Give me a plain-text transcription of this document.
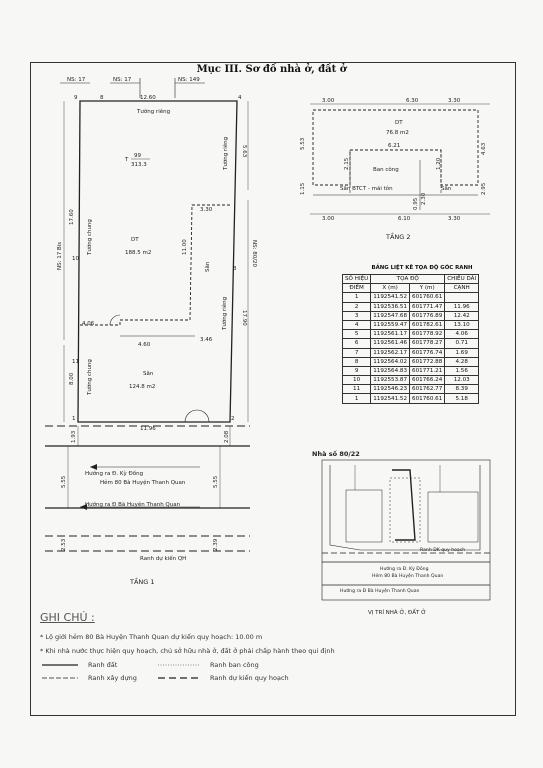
Mục III. Sơ đồ nhà ở, đất ở
NS: 17	NS: 17	NS: 149
12.60
9	8	4
Tường riêng
T
99
313.3
DT
188.5 m2
Sân
124.8 m2
4.06
4.60
3.46
3.30
11.96
1	2
3
10
11
Hướng ra Đ. Kỳ Đồng
Hẻm 80 Bà Huyện Thanh Quan
Hướng ra Đ Bà Huyện Thanh Quan
Ranh dự kiến QH
TẦNG 1
NS: 17 Bis	NS: 80/20
17.60
8.00
5.63
17.90
11.00
Tường chung
Tường chung
Tường riêng
Tường riêng
Sân
1.93	2.08
5.55	5.55
2.53	2.39
3.00	6.30	3.30
DT
76.8 m2
6.21
Ban công
Sân BTCT - mái tôn	Sân
3.00	6.10	3.30
5.53
1.15
4.63
2.95
2.15	1.20
2.30
0.95
TẦNG 2
Nhà số 80/22
Ranh DK quy hoạch
Hướng ra Đ. Kỳ Đồng
Hẻm 80 Bà Huyện Thanh Quan
Hướng ra Đ Bà Huyện Thanh Quan
VỊ TRÍ NHÀ Ở, ĐẤT Ở
BẢNG LIỆT KÊ TỌA ĐỘ GÓC RANH
SỐ HIỆU	TỌA ĐỘ		CHIỀU DÀI
ĐIỂM	X (m)	Y (m)	CẠNH
1	1192541.52	601760.61	
2	1192536.51	601771.47	11.96
3	1192547.68	601776.89	12.42
4	1192559.47	601782.61	13.10
5	1192561.17	601778.92	4.06
6	1192561.46	601778.27	0.71
7	1192562.17	601776.74	1.69
8	1192564.02	601772.88	4.28
9	1192564.83	601771.21	1.56
10	1192553.87	601766.24	12.03
11	1192546.23	601762.77	8.39
1	1192541.52	601760.61	5.18
GHI CHÚ :
* Lộ giới hẻm 80 Bà Huyện Thanh Quan dự kiến quy hoạch: 10.00 m
* Khi nhà nước thực hiện quy hoạch, chủ sở hữu nhà ở, đất ở phải chấp hành theo qui định
Ranh đất	Ranh ban công
Ranh xây dựng	Ranh dự kiến quy hoạch
